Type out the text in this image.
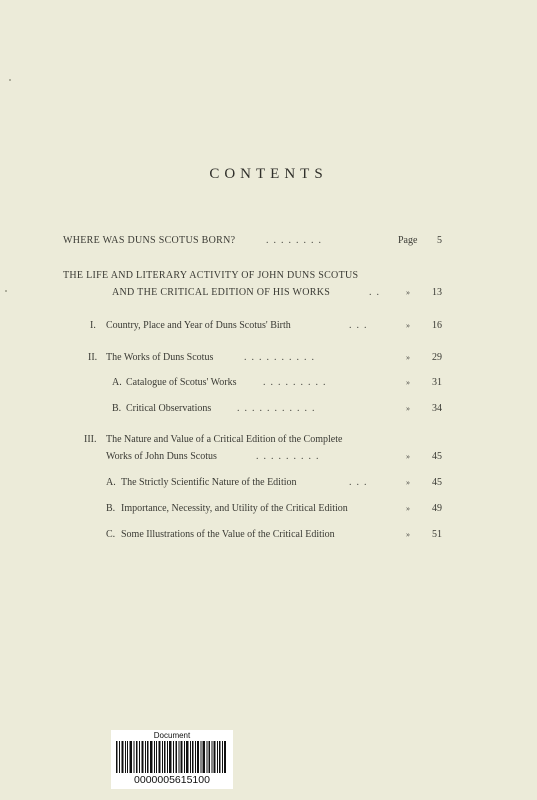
CONTENTS
WHERE WAS DUNS SCOTUS BORN?	........	Page	5
THE LIFE AND LITERARY ACTIVITY OF JOHN DUNS SCOTUS
AND THE CRITICAL EDITION OF HIS WORKS	..	»	13
I. Country, Place and Year of Duns Scotus' Birth	...	»	16
II. The Works of Duns Scotus	..........	»	29
A. Catalogue of Scotus' Works	.........	»	31
B. Critical Observations	...........	»	34
III. The Nature and Value of a Critical Edition of the Complete
Works of John Duns Scotus	.........	»	45
A. The Strictly Scientific Nature of the Edition	...	»	45
B. Importance, Necessity, and Utility of the Critical Edition	»	49
C. Some Illustrations of the Value of the Critical Edition	»	51
Document
0000005615100
